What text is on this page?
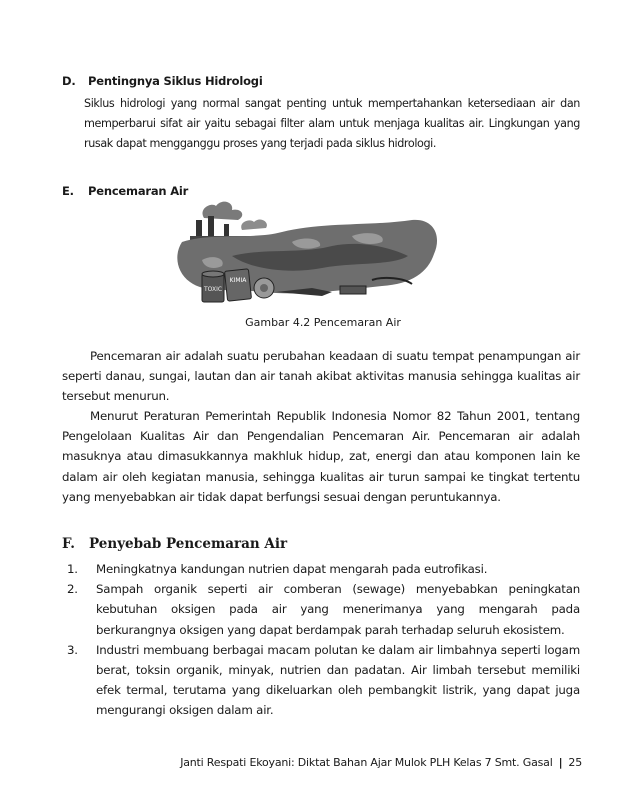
D. Pentingnya Siklus Hidrologi
Siklus hidrologi yang normal sangat penting untuk mempertahankan ketersediaan air dan memperbarui sifat air yaitu sebagai filter alam untuk menjaga kualitas air. Lingkungan yang rusak dapat mengganggu proses yang terjadi pada siklus hidrologi.
E. Pencemaran Air
TOXIC
KIMIA
Gambar 4.2 Pencemaran Air
Pencemaran air adalah suatu perubahan keadaan di suatu tempat penampungan air seperti danau, sungai, lautan dan air tanah akibat aktivitas manusia sehingga kualitas air tersebut menurun.
Menurut Peraturan Pemerintah Republik Indonesia Nomor 82 Tahun 2001, tentang Pengelolaan Kualitas Air dan Pengendalian Pencemaran Air. Pencemaran air adalah masuknya atau dimasukkannya makhluk hidup, zat, energi dan atau komponen lain ke dalam air oleh kegiatan manusia, sehingga kualitas air turun sampai ke tingkat tertentu yang menyebabkan air tidak dapat berfungsi sesuai dengan peruntukannya.
F. Penyebab Pencemaran Air
1. Meningkatnya kandungan nutrien dapat mengarah pada eutrofikasi.
2. Sampah organik seperti air comberan (sewage) menyebabkan peningkatan kebutuhan oksigen pada air yang menerimanya yang mengarah pada berkurangnya oksigen yang dapat berdampak parah terhadap seluruh ekosistem.
3. Industri membuang berbagai macam polutan ke dalam air limbahnya seperti logam berat, toksin organik, minyak, nutrien dan padatan. Air limbah tersebut memiliki efek termal, terutama yang dikeluarkan oleh pembangkit listrik, yang dapat juga mengurangi oksigen dalam air.
Janti Respati Ekoyani: Diktat Bahan Ajar Mulok PLH Kelas 7 Smt. Gasal | 25
